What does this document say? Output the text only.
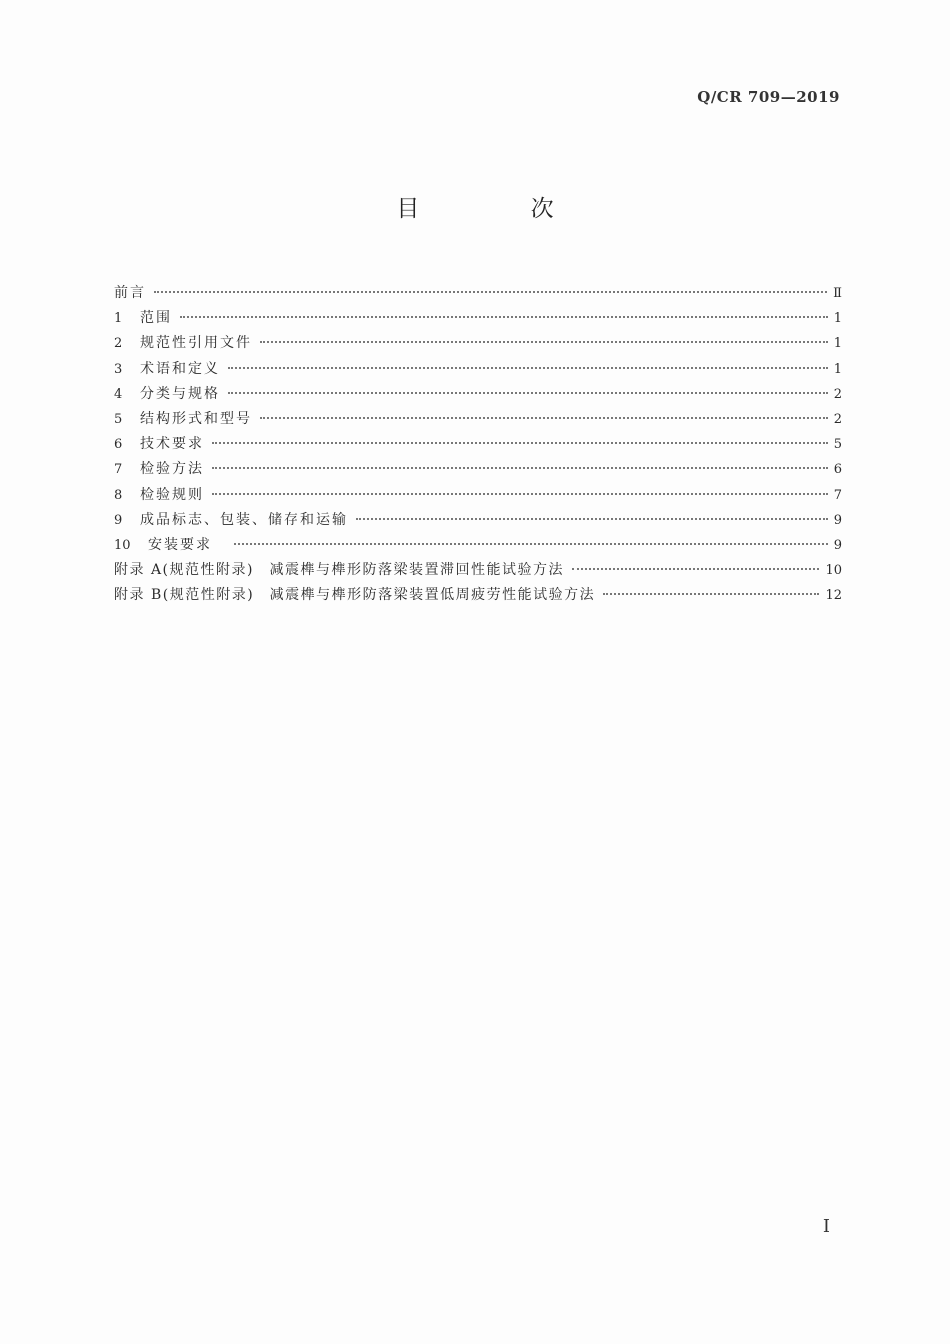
Q/CR 709—2019
目 次
前言	Ⅱ
1	范围	1
2	规范性引用文件	1
3	术语和定义	1
4	分类与规格	2
5	结构形式和型号	2
6	技术要求	5
7	检验方法	6
8	检验规则	7
9	成品标志、包装、储存和运输	9
10	安装要求	9
附录 A(规范性附录)　减震榫与榫形防落梁装置滞回性能试验方法	10
附录 B(规范性附录)　减震榫与榫形防落梁装置低周疲劳性能试验方法	12
I
